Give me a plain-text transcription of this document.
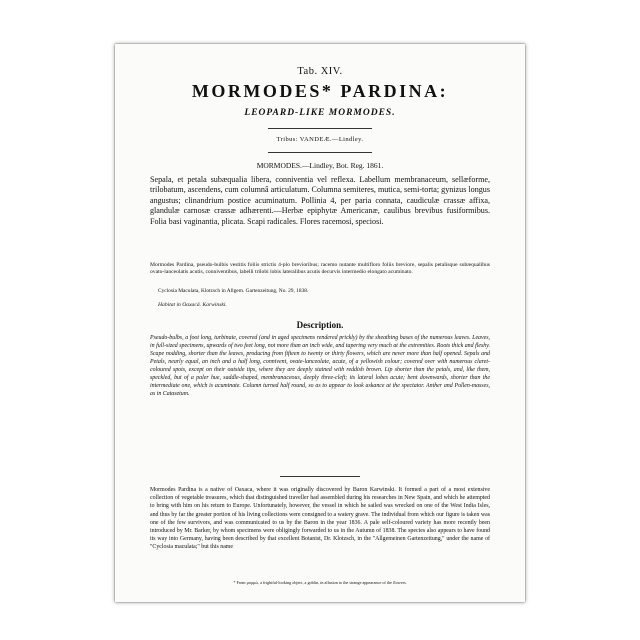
Tab. XIV.
MORMODES* PARDINA:
LEOPARD-LIKE MORMODES.
Tribus: VANDEÆ.—Lindley.
MORMODES.—Lindley, Bot. Reg. 1861.

Sepala, et petala subæqualia libera, conniventia vel reflexa. Labellum membranaceum, sellæforme, trilobatum, ascendens, cum columnâ articulatum. Columna semiteres, mutica, semi-torta; gynizus longus angustus; clinandrium postice acuminatum. Pollinia 4, per paria connata, caudiculæ crassæ affixa, glandulæ carnosæ crassæ adhærenti.—Herbæ epiphytæ Americanæ, caulibus brevibus fusiformibus. Folia basi vaginantia, plicata. Scapi radicales. Flores racemosi, speciosi.

Mormodes Pardina, pseudo-bulbis vestitis foliis strictis 4-plo brevioribus; racemo nutante multifloro foliis breviore, sepalis petalisque subæqualibus ovato-lanceolatis acutis, conniventibus, labelli trilobi lobis lateralibus acutis decurvis intermedio elongato acuminato.

Cyclosia Maculata, Klotzsch in Allgem. Gartenzeitung, No. 29, 1838.

Habitat in Oaxacâ. Karwinski.

Description.

Pseudo-bulbs, a foot long, turbinate, covered (and in aged specimens rendered prickly) by the sheathing bases of the numerous leaves. Leaves, in full-sized specimens, upwards of two feet long, not more than an inch wide, and tapering very much at the extremities. Roots thick and fleshy. Scape nodding, shorter than the leaves, producing from fifteen to twenty or thirty flowers, which are never more than half opened. Sepals and Petals, nearly equal, an inch and a half long, connivent, ovate-lanceolate, acute, of a yellowish colour; covered over with numerous claret-coloured spots, except on their outside tips, where they are deeply stained with reddish brown. Lip shorter than the petals, and, like them, speckled, but of a paler hue, saddle-shaped, membranaceous, deeply three-cleft; its lateral lobes acute; bent downwards, shorter than the intermediate one, which is acuminate. Column turned half round, so as to appear to look askance at the spectator. Anther and Pollen-masses, as in Catasetum.

Mormodes Pardina is a native of Oaxaca, where it was originally discovered by Baron Karwinski. It formed a part of a most extensive collection of vegetable treasures, which that distinguished traveller had assembled during his researches in New Spain, and which he attempted to bring with him on his return to Europe. Unfortunately, however, the vessel in which he sailed was wrecked on one of the West India Isles, and thus by far the greater portion of his living collections were consigned to a watery grave. The individual from which our figure is taken was one of the few survivors, and was communicated to us by the Baron in the year 1836. A pale self-coloured variety has more recently been introduced by Mr. Barker, by whom specimens were obligingly forwarded to us in the Autumn of 1838. The species also appears to have found its way into Germany, having been described by that excellent Botanist, Dr. Klotzsch, in the "Allgemeinen Gartenzeitung," under the name of "Cyclosia maculata;" but this name

* From μορμώ, a frightful-looking object, a goblin, in allusion to the strange appearance of the flowers.
